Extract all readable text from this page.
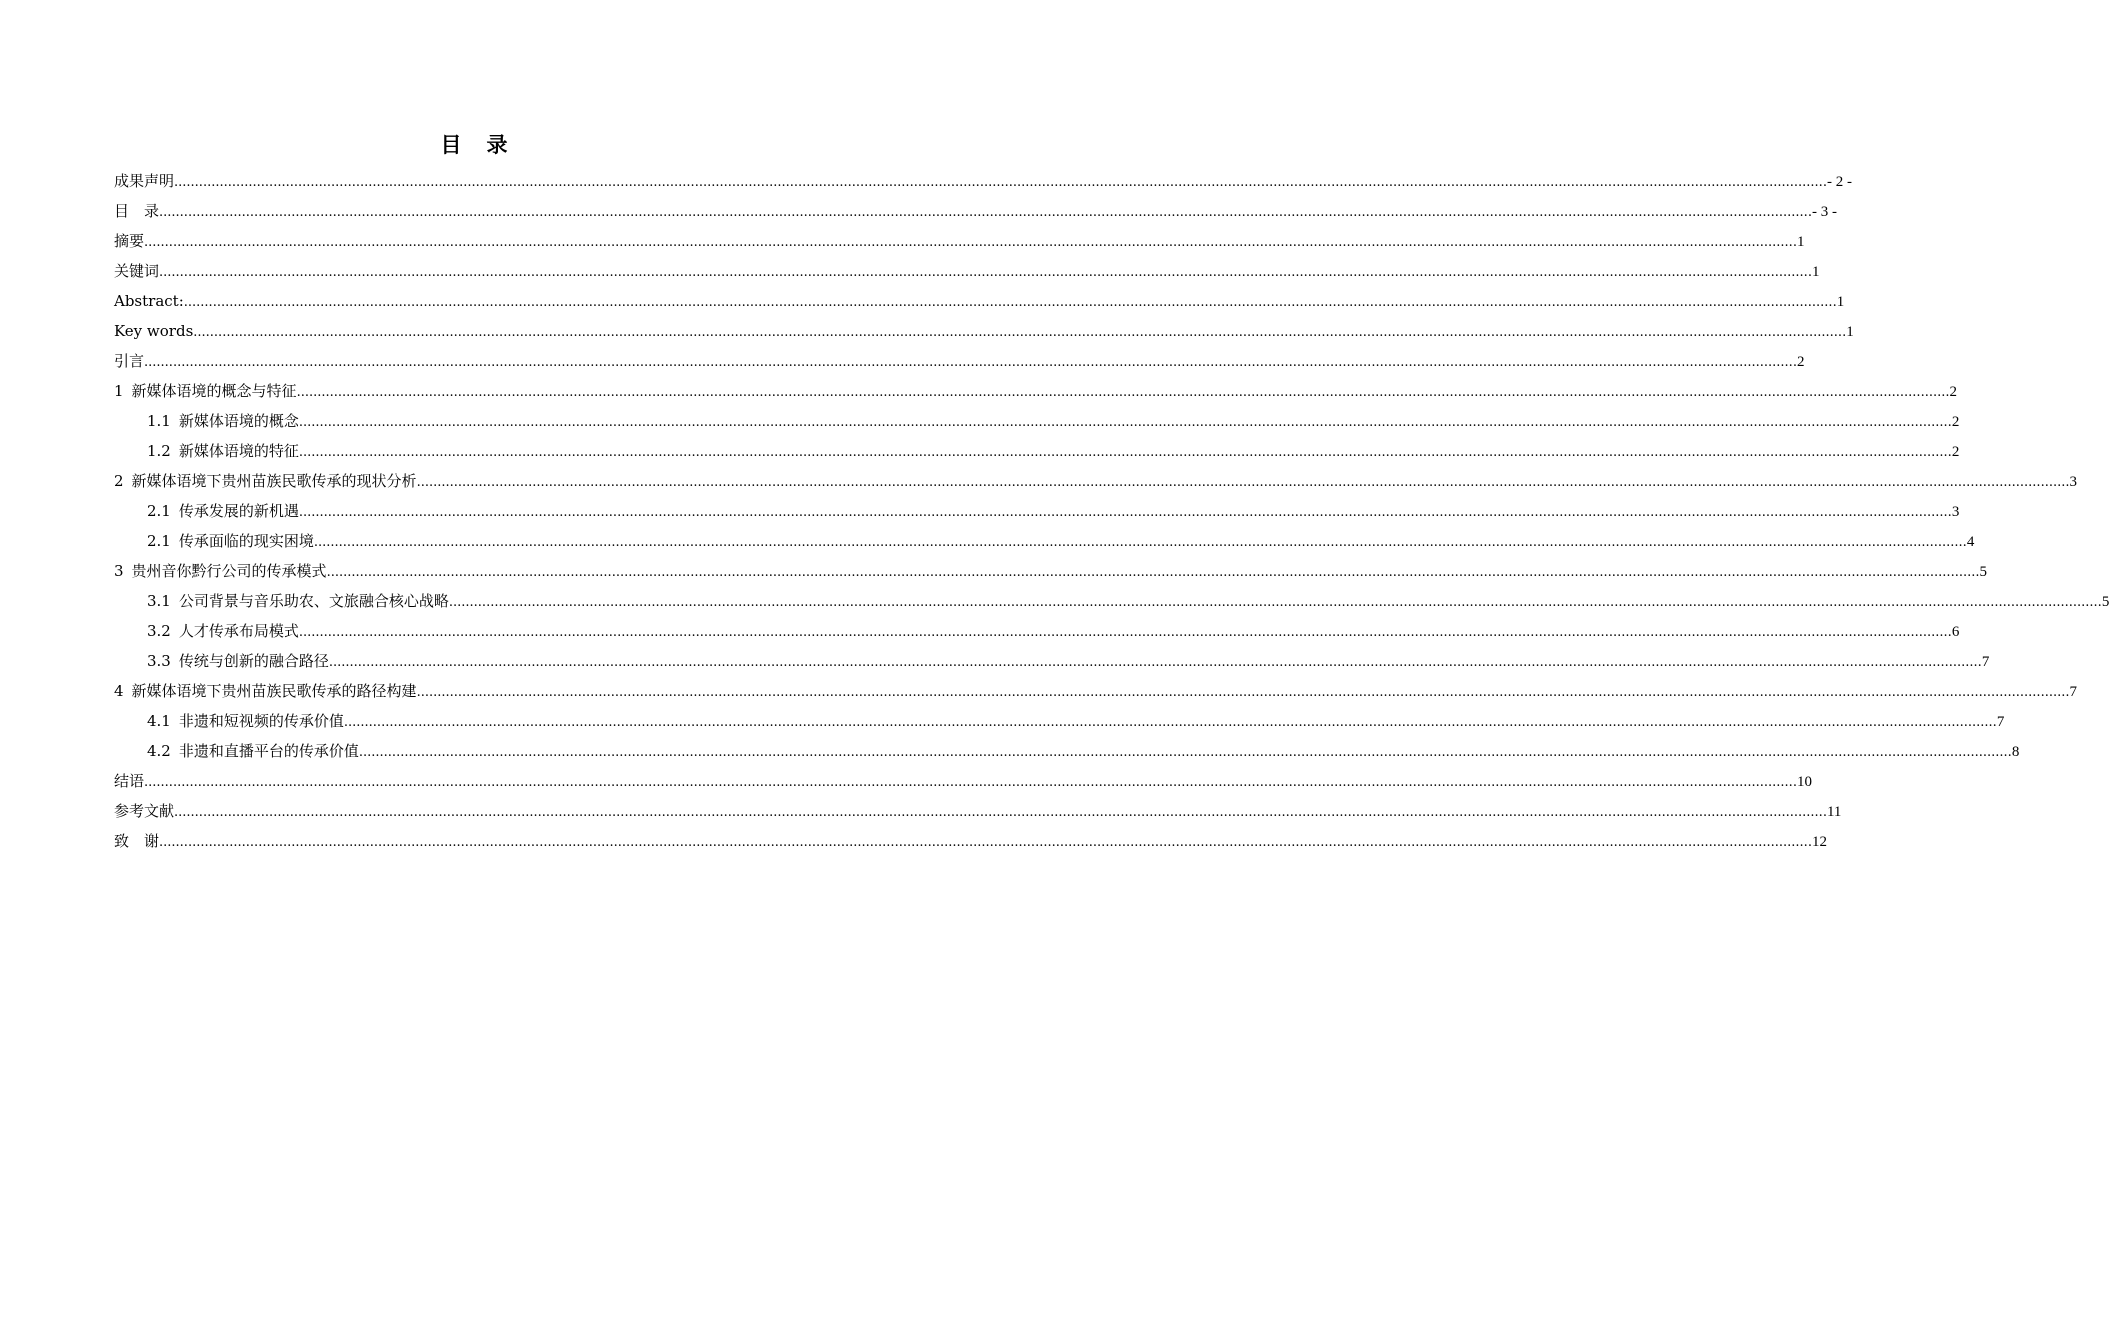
目　录
成果声明 ................................................................................................................................................................................................................................................................................................................................................................................................................ - 2 -
目　录 ................................................................................................................................................................................................................................................................................................................................................................................................................ - 3 -
摘要 ................................................................................................................................................................................................................................................................................................................................................................................................................ 1
关键词 ................................................................................................................................................................................................................................................................................................................................................................................................................ 1
Abstract: ................................................................................................................................................................................................................................................................................................................................................................................................................ 1
Key words ................................................................................................................................................................................................................................................................................................................................................................................................................ 1
引言 ................................................................................................................................................................................................................................................................................................................................................................................................................ 2
1 新媒体语境的概念与特征 ................................................................................................................................................................................................................................................................................................................................................................................................................ 2
1.1 新媒体语境的概念 ................................................................................................................................................................................................................................................................................................................................................................................................................ 2
1.2 新媒体语境的特征 ................................................................................................................................................................................................................................................................................................................................................................................................................ 2
2 新媒体语境下贵州苗族民歌传承的现状分析 ................................................................................................................................................................................................................................................................................................................................................................................................................ 3
2.1 传承发展的新机遇 ................................................................................................................................................................................................................................................................................................................................................................................................................ 3
2.1 传承面临的现实困境 ................................................................................................................................................................................................................................................................................................................................................................................................................ 4
3 贵州音你黔行公司的传承模式 ................................................................................................................................................................................................................................................................................................................................................................................................................ 5
3.1 公司背景与音乐助农、文旅融合核心战略 ................................................................................................................................................................................................................................................................................................................................................................................................................ 5
3.2 人才传承布局模式 ................................................................................................................................................................................................................................................................................................................................................................................................................ 6
3.3 传统与创新的融合路径 ................................................................................................................................................................................................................................................................................................................................................................................................................ 7
4 新媒体语境下贵州苗族民歌传承的路径构建 ................................................................................................................................................................................................................................................................................................................................................................................................................ 7
4.1 非遗和短视频的传承价值 ................................................................................................................................................................................................................................................................................................................................................................................................................ 7
4.2 非遗和直播平台的传承价值 ................................................................................................................................................................................................................................................................................................................................................................................................................ 8
结语 ................................................................................................................................................................................................................................................................................................................................................................................................................ 10
参考文献 ................................................................................................................................................................................................................................................................................................................................................................................................................ 11
致　谢 ................................................................................................................................................................................................................................................................................................................................................................................................................ 12
